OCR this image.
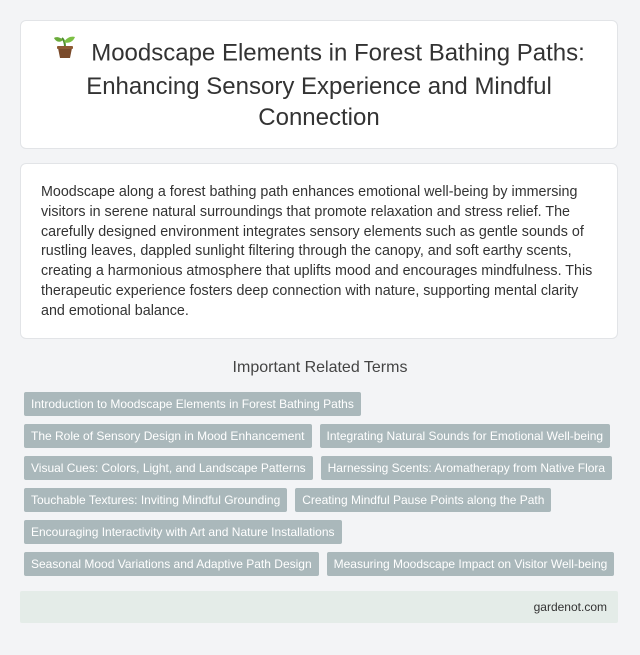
Moodscape Elements in Forest Bathing Paths: Enhancing Sensory Experience and Mindful Connection

Moodscape along a forest bathing path enhances emotional well-being by immersing visitors in serene natural surroundings that promote relaxation and stress relief. The carefully designed environment integrates sensory elements such as gentle sounds of rustling leaves, dappled sunlight filtering through the canopy, and soft earthy scents, creating a harmonious atmosphere that uplifts mood and encourages mindfulness. This therapeutic experience fosters deep connection with nature, supporting mental clarity and emotional balance.

Important Related Terms
Introduction to Moodscape Elements in Forest Bathing Paths
The Role of Sensory Design in Mood Enhancement	Integrating Natural Sounds for Emotional Well-being
Visual Cues: Colors, Light, and Landscape Patterns	Harnessing Scents: Aromatherapy from Native Flora
Touchable Textures: Inviting Mindful Grounding	Creating Mindful Pause Points along the Path
Encouraging Interactivity with Art and Nature Installations
Seasonal Mood Variations and Adaptive Path Design	Measuring Moodscape Impact on Visitor Well-being
gardenot.com
